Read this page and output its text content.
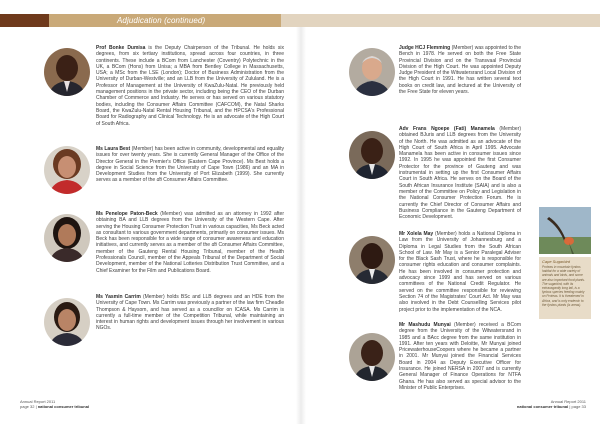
Adjudication (continued)
Prof Bonke Dumisa is the Deputy Chairperson of the Tribunal. He holds six degrees, from six tertiary institutions, spread across four countries, in three continents. These include a BCom from Lanchester (Coventry) Polytechnic in the UK, a BCom (Hons) from Unisa; a MBA from Bentley College in Massachusetts, USA; a MSc from the LSE (London); Doctor of Business Administration from the University of Durban-Westville; and an LLB from the University of Zululand. He is a Professor of Management at the University of KwaZulu-Natal. He previously held management positions in the private sector, including being the CEO of the Durban Chamber of Commerce and Industry. He serves or has served on various statutory bodies, including the Consumer Affairs Committee (CAFCOM), the Natal Sharks Board, the KwaZulu-Natal Rental Housing Tribunal, and the HPCSA's Professional Board for Radiography and Clinical Technology. He is an advocate of the High Court of South Africa.
Ms Laura Best (Member) has been active in community, developmental and equality issues for over twenty years. She is currently General Manager of the Office of the Director General in the Premier's Office (Eastern Cape Province). Ms Best holds a degree in Social Science from the University of Cape Town (1986) and an MA in Development Studies from the University of Port Elizabeth (1999). She currently serves as a member of the dti Consumer Affairs Committee.
Ms Penelope Paton-Beck (Member) was admitted as an attorney in 1992 after obtaining BA and LLB degrees from the University of the Western Cape. After serving the Housing Consumer Protection Trust in various capacities, Ms Beck acted as consultant to various government departments, primarily on consumer issues. Ms Beck has been responsible for a wide range of consumer awareness and education initiatives, and currently serves as a member of the dti Consumer Affairs Committee, member of the Gauteng Rental Housing Tribunal, member of the Health Professionals Council, member of the Appeals Tribunal of the Department of Social Development, member of the National Lotteries Distribution Trust Committee, and a Chief Examiner for the Film and Publications Board.
Ms Yasmin Carrim (Member) holds BSc and LLB degrees and an HDE from the University of Cape Town. Ms Carrim was previously a partner of the law firm Cheadle Thompson & Haysom, and has served as a councillor on ICASA. Ms Carrim is currently a full-time member of the Competition Tribunal, while maintaining an interest in human rights and development issues through her involvement in various NGOs.
Judge HCJ Flemming (Member) was appointed to the Bench in 1978. He served on both the Free State Provincial Division and on the Transvaal Provincial Division of the High Court. He was appointed Deputy Judge President of the Witwatersrand Local Division of the High Court in 1991. He has written several text books on credit law, and lectured at the University of the Free State for eleven years.
Adv Frans Ngoepe (Fati) Manamela (Member) obtained BJuris and LLB degrees from the University of the North. He was admitted as an advocate of the High Court of South Africa in April 1995. Advocate Manamela has been active in consumer issues since 1992. In 1995 he was appointed the first Consumer Protector for the province of Gauteng and was instrumental in setting up the first Consumer Affairs Court in South Africa. He serves on the Board of the South African Insurance Institute (SAIA) and is also a member of the Committee on Policy and Legislation in the National Consumer Protection Forum. He is currently the Chief Director of Consumer Affairs and Business Compliance in the Gauteng Department of Economic Development.
Mr Xolela May (Member) holds a National Diploma in Law from the University of Johannesburg and a Diploma in Legal Studies from the South African School of Law. Mr May is a Senior Paralegal Adviser for the Black Sash Trust, where he is responsible for consumer rights education and consumer complaints. He has been involved in consumer protection and advocacy since 1999 and has served on various committees of the National Credit Regulator. He served on the committee responsible for reviewing Section 74 of the Magistrates' Court Act. Mr May was also involved in the Debt Counselling Services pilot project prior to the implementation of the NCA.
Mr Mashudu Munyai (Member) received a BCom degree from the University of the Witwatersrand in 1985 and a BAcc degree from the same institution in 1991. After ten years with Deloitte, Mr Munyai joined PricewaterhouseCoopers where he became a partner in 2001. Mr Munyai joined the Financial Services Board in 2004 as Deputy Executive Officer for Insurance. He joined NERSA in 2007 and is currently General Manager of Finance Operations for NTFA Ghana. He has also served as special advisor to the Minister of Public Enterprises.
Cape Sugarbird
Proteas in mountain fynbos habitat for a wide variety of animals and birds, and some are also important food plants. The sugarbird, with its extravagantly long tail, is a fynbos species feeding mainly on Proteas. It is threatened in Africa, and is only endemic to the fynbos plants (is areas).
Annual Report 2011
page 32 | national consumer tribunal
Annual Report 2011
national consumer tribunal | page 33
